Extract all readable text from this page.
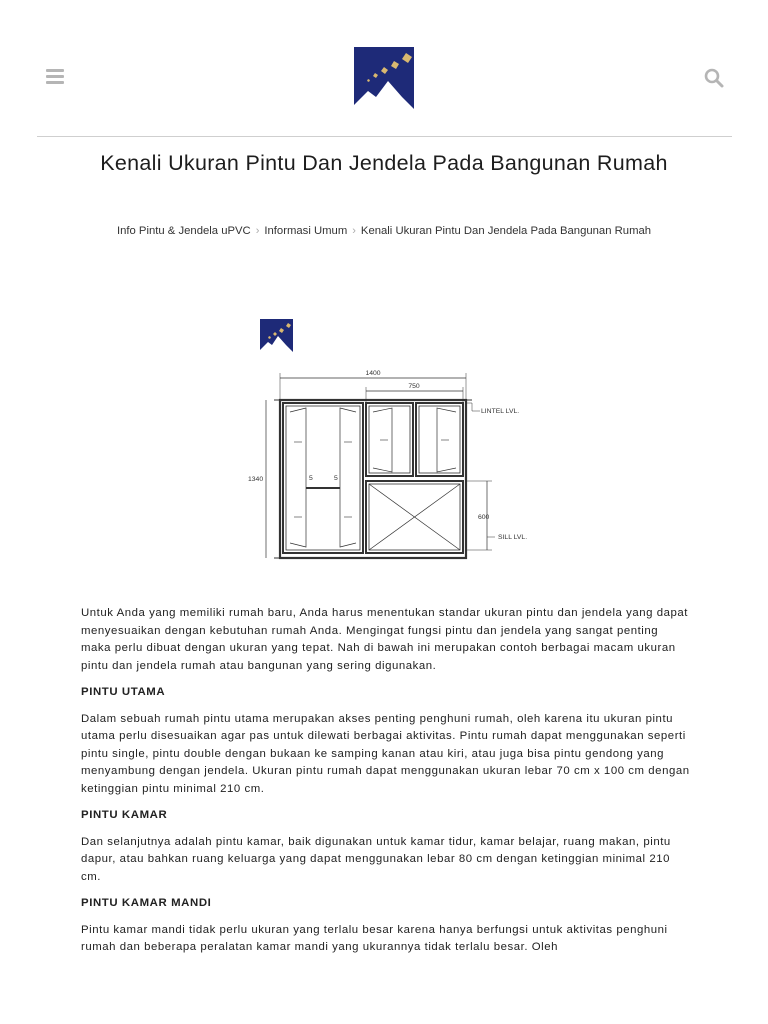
Kenali Ukuran Pintu Dan Jendela Pada Bangunan Rumah
Info Pintu & Jendela uPVC › Informasi Umum › Kenali Ukuran Pintu Dan Jendela Pada Bangunan Rumah
1400
750
1340
600
5	5
LINTEL LVL.
SILL LVL.

Untuk Anda yang memiliki rumah baru, Anda harus menentukan standar ukuran pintu dan jendela yang dapat menyesuaikan dengan kebutuhan rumah Anda. Mengingat fungsi pintu dan jendela yang sangat penting maka perlu dibuat dengan ukuran yang tepat. Nah di bawah ini merupakan contoh berbagai macam ukuran pintu dan jendela rumah atau bangunan yang sering digunakan.

PINTU UTAMA

Dalam sebuah rumah pintu utama merupakan akses penting penghuni rumah, oleh karena itu ukuran pintu utama perlu disesuaikan agar pas untuk dilewati berbagai aktivitas. Pintu rumah dapat menggunakan seperti pintu single, pintu double dengan bukaan ke samping kanan atau kiri, atau juga bisa pintu gendong yang menyambung dengan jendela. Ukuran pintu rumah dapat menggunakan ukuran lebar 70 cm x 100 cm dengan ketinggian pintu minimal 210 cm.

PINTU KAMAR

Dan selanjutnya adalah pintu kamar, baik digunakan untuk kamar tidur, kamar belajar, ruang makan, pintu dapur, atau bahkan ruang keluarga yang dapat menggunakan lebar 80 cm dengan ketinggian minimal 210 cm.

PINTU KAMAR MANDI

Pintu kamar mandi tidak perlu ukuran yang terlalu besar karena hanya berfungsi untuk aktivitas penghuni rumah dan beberapa peralatan kamar mandi yang ukurannya tidak terlalu besar. Oleh
